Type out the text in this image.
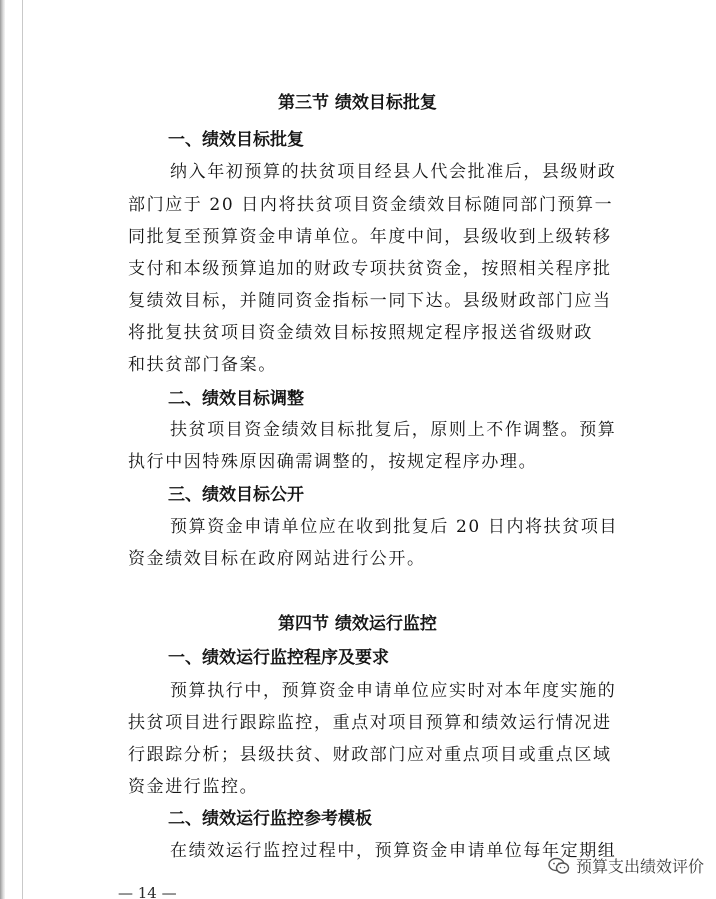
第三节 绩效目标批复
一、绩效目标批复
纳入年初预算的扶贫项目经县人代会批准后，县级财政
部门应于 20 日内将扶贫项目资金绩效目标随同部门预算一
同批复至预算资金申请单位。年度中间，县级收到上级转移
支付和本级预算追加的财政专项扶贫资金，按照相关程序批
复绩效目标，并随同资金指标一同下达。县级财政部门应当
将批复扶贫项目资金绩效目标按照规定程序报送省级财政
和扶贫部门备案。
二、绩效目标调整
扶贫项目资金绩效目标批复后，原则上不作调整。预算
执行中因特殊原因确需调整的，按规定程序办理。
三、绩效目标公开
预算资金申请单位应在收到批复后 20 日内将扶贫项目
资金绩效目标在政府网站进行公开。
第四节 绩效运行监控
一、绩效运行监控程序及要求
预算执行中，预算资金申请单位应实时对本年度实施的
扶贫项目进行跟踪监控，重点对项目预算和绩效运行情况进
行跟踪分析；县级扶贫、财政部门应对重点项目或重点区域
资金进行监控。
二、绩效运行监控参考模板
在绩效运行监控过程中，预算资金申请单位每年定期组
— 14 —
预算支出绩效评价
